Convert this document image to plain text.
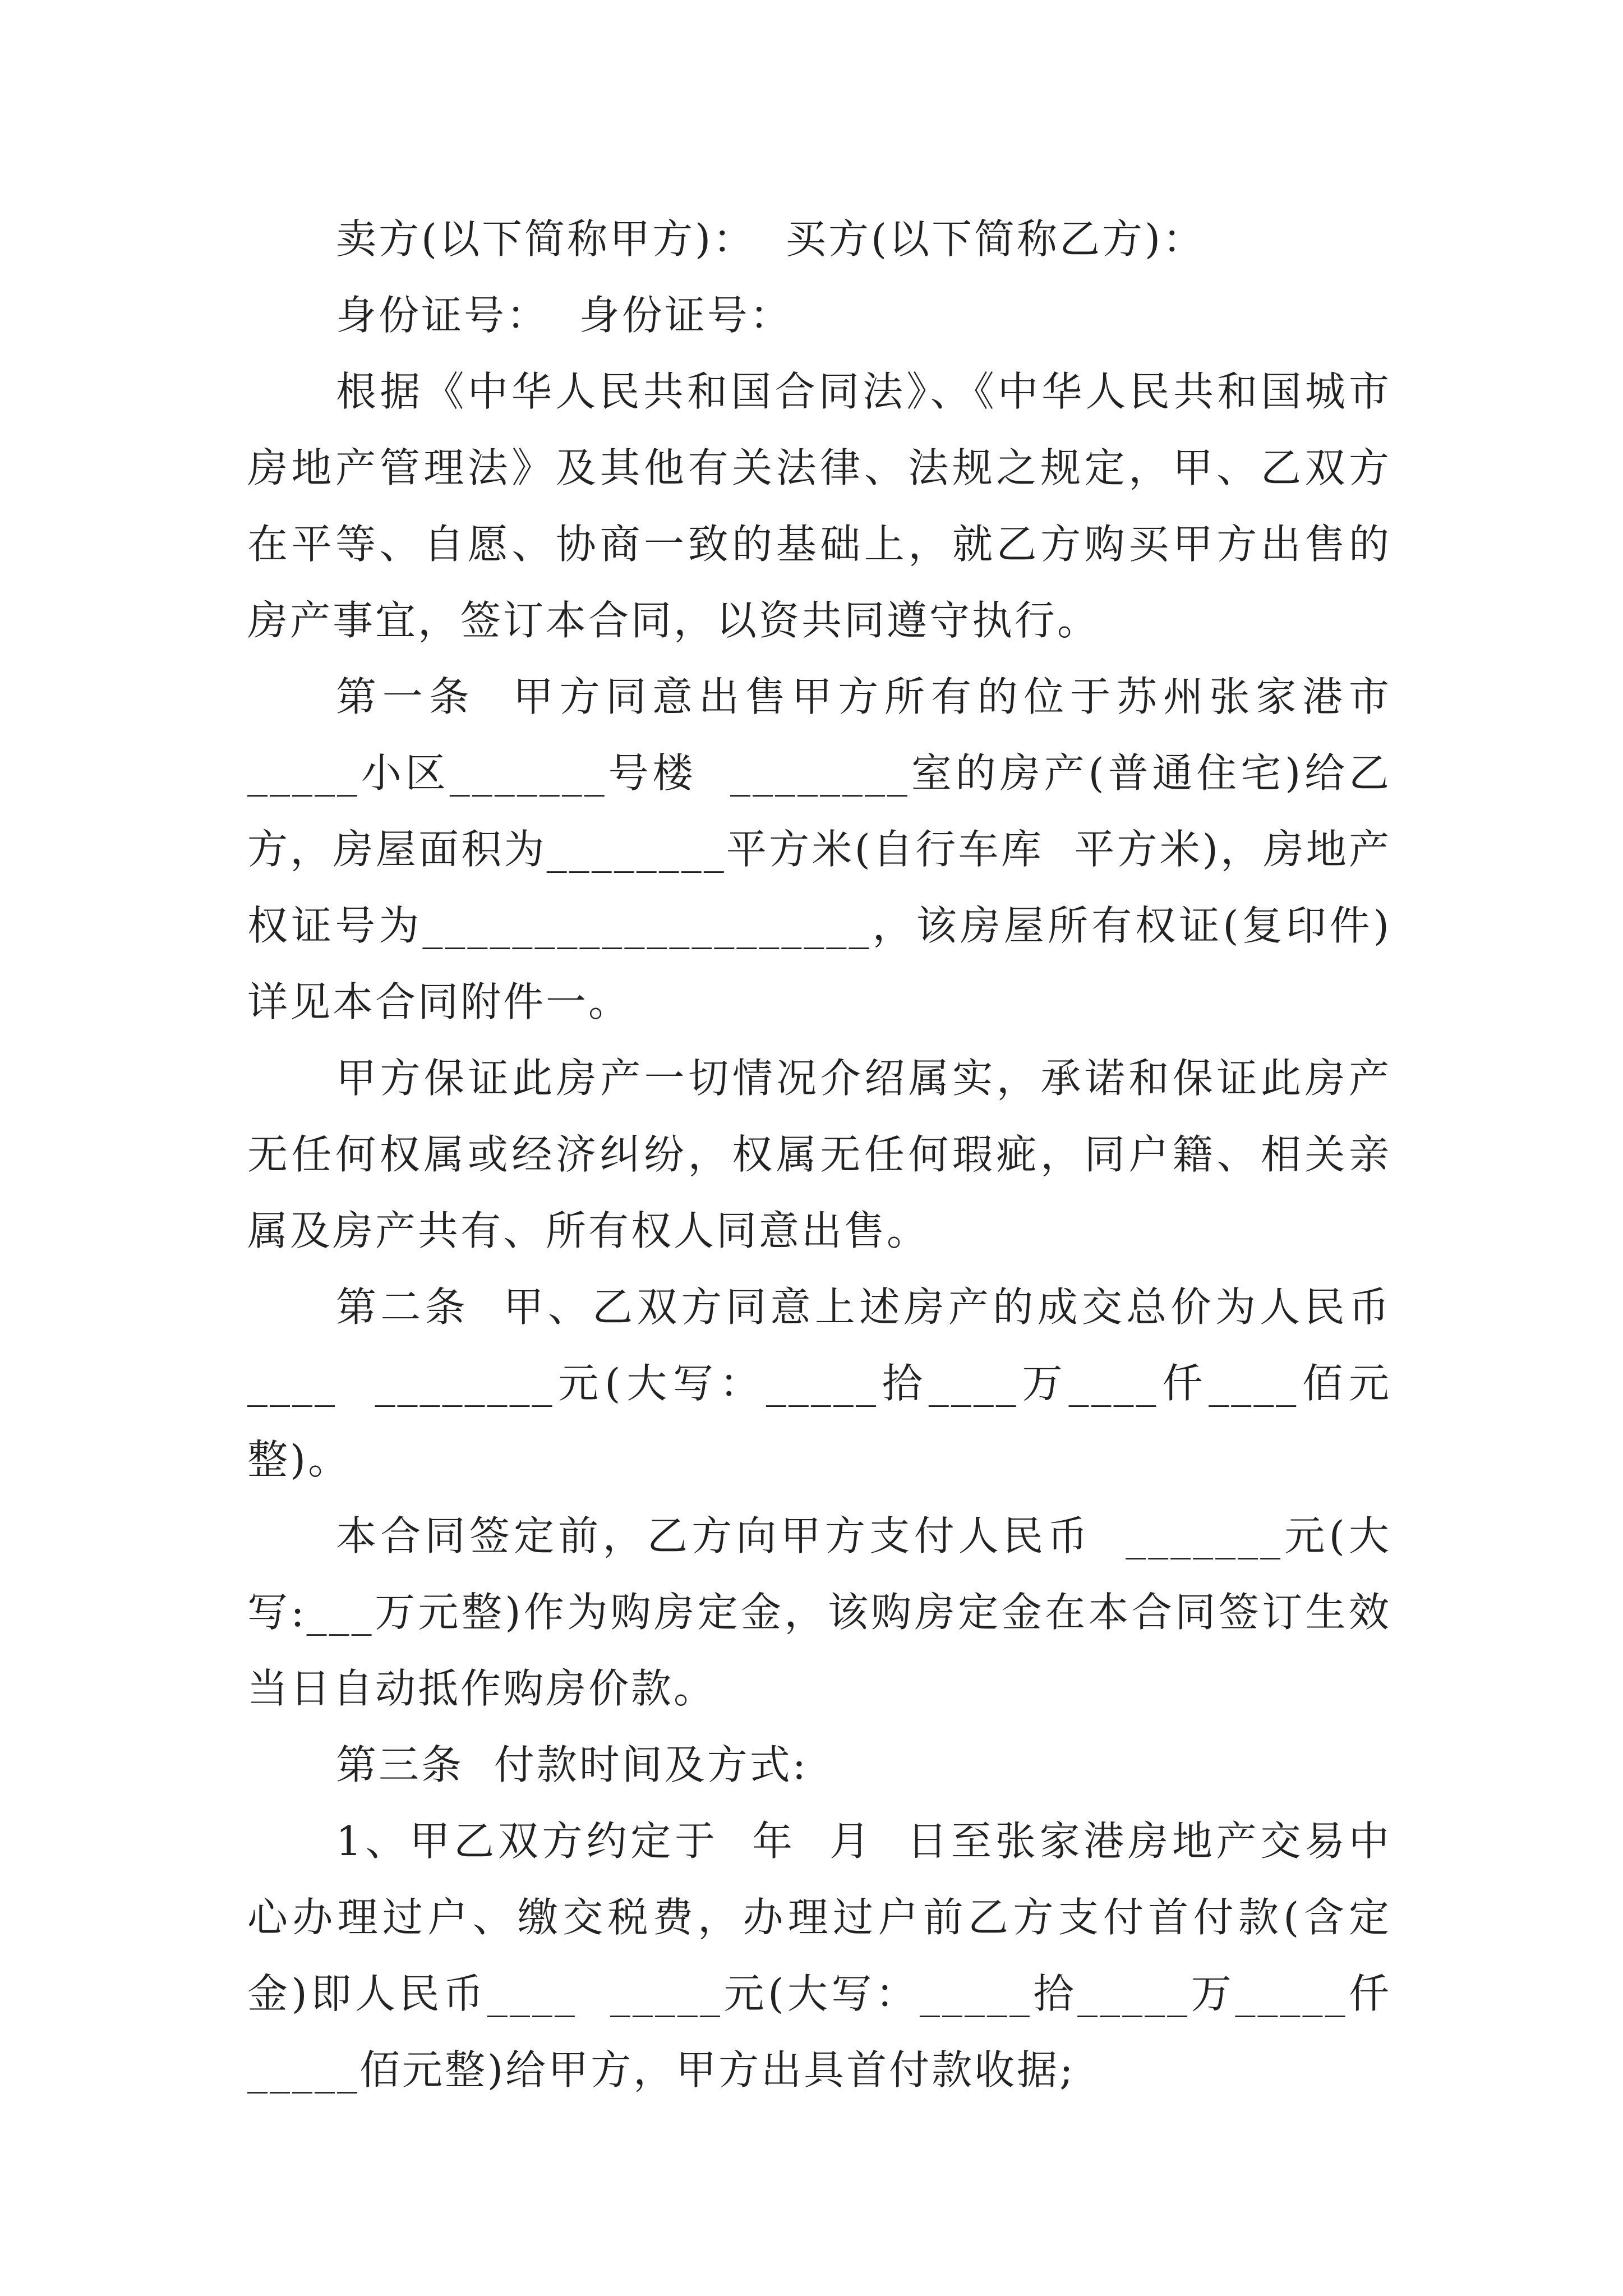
卖方(以下简称甲方)：  买方(以下简称乙方)：

身份证号：  身份证号：

根据《中华人民共和国合同法》、《中华人民共和国城市房地产管理法》及其他有关法律、法规之规定，甲、乙双方在平等、自愿、协商一致的基础上，就乙方购买甲方出售的房产事宜，签订本合同，以资共同遵守执行。

第一条  甲方同意出售甲方所有的位于苏州张家港市_____小区_______号楼  ________室的房产(普通住宅)给乙方，房屋面积为________平方米(自行车库  平方米)，房地产权证号为____________________，该房屋所有权证(复印件)详见本合同附件一。

甲方保证此房产一切情况介绍属实，承诺和保证此房产无任何权属或经济纠纷，权属无任何瑕疵，同户籍、相关亲属及房产共有、所有权人同意出售。

第二条  甲、乙双方同意上述房产的成交总价为人民币____  ________元(大写：_____拾____万____仟____佰元整)。

本合同签定前，乙方向甲方支付人民币  _______元(大写:___万元整)作为购房定金，该购房定金在本合同签订生效当日自动抵作购房价款。

第三条  付款时间及方式:

1、甲乙双方约定于  年  月  日至张家港房地产交易中心办理过户、缴交税费，办理过户前乙方支付首付款(含定金)即人民币____  _____元(大写：_____拾_____万_____仟_____佰元整)给甲方，甲方出具首付款收据;
